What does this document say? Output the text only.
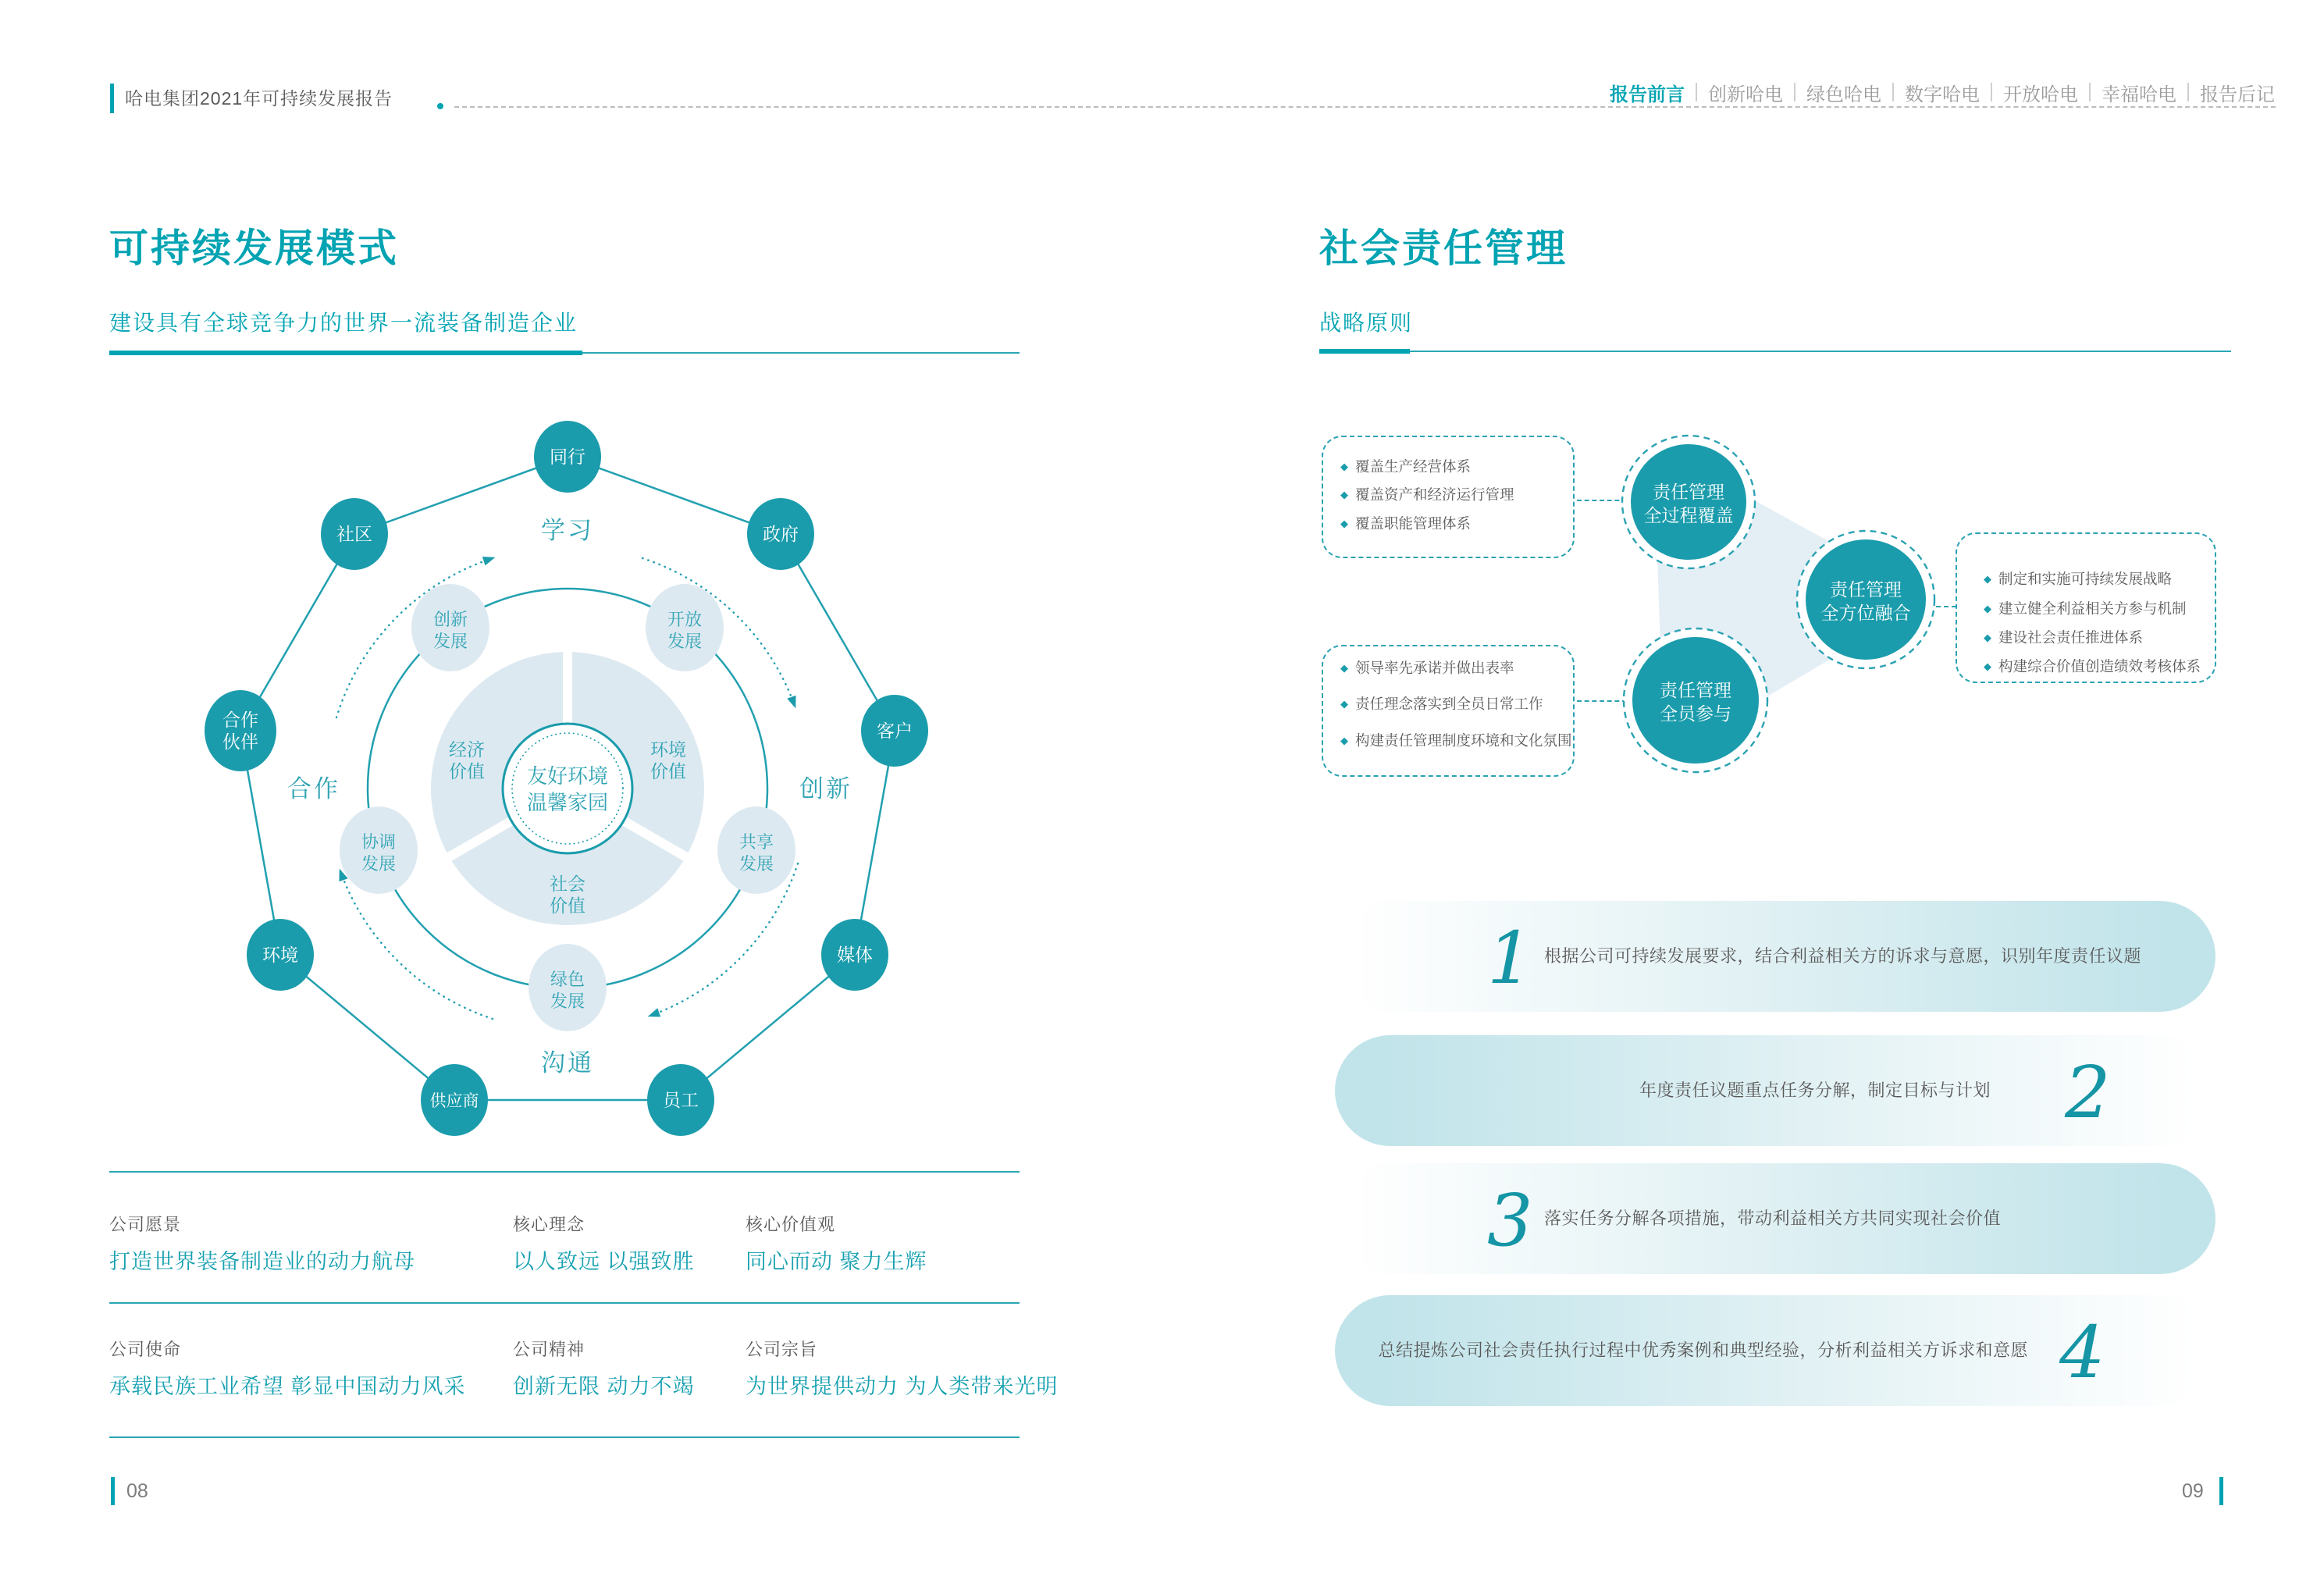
哈电集团2021年可持续发展报告	报告前言 创新哈电 绿色哈电 数字哈电 开放哈电 幸福哈电 报告后记
可持续发展模式
建设具有全球竞争力的世界一流装备制造企业
经济
价值
环境
价值
社会
价值
友好环境
温馨家园
创新
发展
开放
发展
共享
发展
绿色
发展
协调
发展
学习
创新
沟通
合作
同行
政府
客户
媒体
员工
供应商
环境
合作
伙伴
社区
公司愿景
打造世界装备制造业的动力航母
核心理念
以人致远 以强致胜
核心价值观
同心而动 聚力生辉
公司使命
承载民族工业希望 彰显中国动力风采
公司精神
创新无限 动力不竭
公司宗旨
为世界提供动力 为人类带来光明
社会责任管理
战略原则
◆ 覆盖生产经营体系
◆ 覆盖资产和经济运行管理
◆ 覆盖职能管理体系
◆ 领导率先承诺并做出表率
◆ 责任理念落实到全员日常工作
◆ 构建责任管理制度环境和文化氛围
◆ 制定和实施可持续发展战略
◆ 建立健全利益相关方参与机制
◆ 建设社会责任推进体系
◆ 构建综合价值创造绩效考核体系
责任管理
全过程覆盖
责任管理
全员参与
责任管理
全方位融合
1 根据公司可持续发展要求，结合利益相关方的诉求与意愿，识别年度责任议题
年度责任议题重点任务分解，制定目标与计划 2
3 落实任务分解各项措施，带动利益相关方共同实现社会价值
总结提炼公司社会责任执行过程中优秀案例和典型经验，分析利益相关方诉求和意愿 4
08	09
